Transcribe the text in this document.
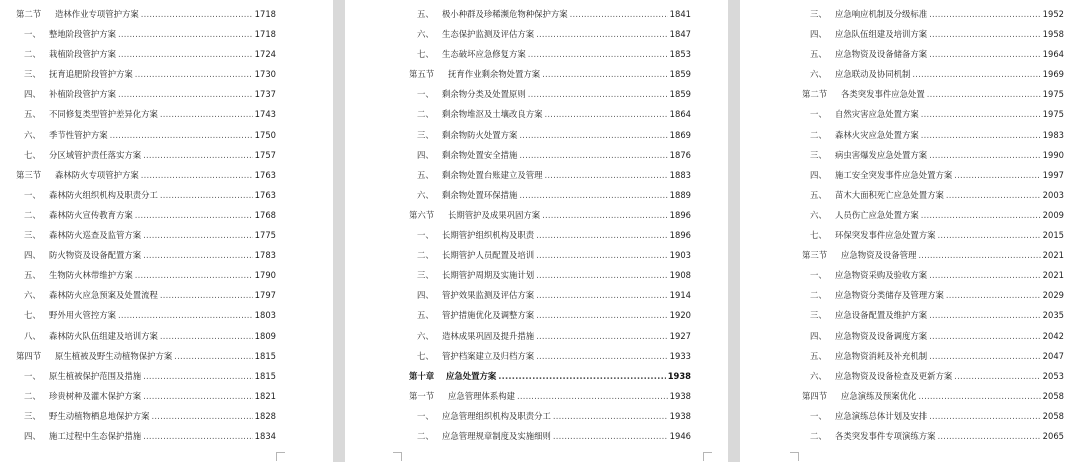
第二节	造林作业专项管护方案 .....	1718
一、 整地阶段管护方案 .....	1718
二、 栽植阶段管护方案 .....	1724
三、 抚育追肥阶段管护方案 .....	1730
四、 补植阶段管护方案 .....	1737
五、 不同修复类型管护差异化方案 .....	1743
六、 季节性管护方案 .....	1750
七、 分区域管护责任落实方案 .....	1757
第三节	森林防火专项管护方案 .....	1763
一、 森林防火组织机构及职责分工 .....	1763
二、 森林防火宣传教育方案 .....	1768
三、 森林防火巡查及监管方案 .....	1775
四、 防火物资及设备配置方案 .....	1783
五、 生物防火林带维护方案 .....	1790
六、 森林防火应急预案及处置流程 .....	1797
七、 野外用火管控方案 .....	1803
八、 森林防火队伍组建及培训方案 .....	1809
第四节	原生植被及野生动植物保护方案 .....	1815
一、 原生植被保护范围及措施 .....	1815
二、 珍贵树种及灌木保护方案 .....	1821
三、 野生动植物栖息地保护方案 .....	1828
四、 施工过程中生态保护措施 .....	1834
五、 极小种群及珍稀濒危物种保护方案 .....	1841
六、 生态保护监测及评估方案 .....	1847
七、 生态破坏应急修复方案 .....	1853
第五节	抚育作业剩余物处置方案 .....	1859
一、 剩余物分类及处置原则 .....	1859
二、 剩余物堆沤及土壤改良方案 .....	1864
三、 剩余物防火处置方案 .....	1869
四、 剩余物处置安全措施 .....	1876
五、 剩余物处置台账建立及管理 .....	1883
六、 剩余物处置环保措施 .....	1889
第六节	长期管护及成果巩固方案 .....	1896
一、 长期管护组织机构及职责 .....	1896
二、 长期管护人员配置及培训 .....	1903
三、 长期管护周期及实施计划 .....	1908
四、 管护效果监测及评估方案 .....	1914
五、 管护措施优化及调整方案 .....	1920
六、 造林成果巩固及提升措施 .....	1927
七、 管护档案建立及归档方案 .....	1933
第十章	应急处置方案 .....	1938
第一节	应急管理体系构建 .....	1938
一、 应急管理组织机构及职责分工 .....	1938
二、 应急管理规章制度及实施细则 .....	1946
三、 应急响应机制及分级标准 .....	1952
四、 应急队伍组建及培训方案 .....	1958
五、 应急物资及设备储备方案 .....	1964
六、 应急联动及协同机制 .....	1969
第二节	各类突发事件应急处置 .....	1975
一、 自然灾害应急处置方案 .....	1975
二、 森林火灾应急处置方案 .....	1983
三、 病虫害爆发应急处置方案 .....	1990
四、 施工安全突发事件应急处置方案 .....	1997
五、 苗木大面积死亡应急处置方案 .....	2003
六、 人员伤亡应急处置方案 .....	2009
七、 环保突发事件应急处置方案 .....	2015
第三节	应急物资及设备管理 .....	2021
一、 应急物资采购及验收方案 .....	2021
二、 应急物资分类储存及管理方案 .....	2029
三、 应急设备配置及维护方案 .....	2035
四、 应急物资及设备调度方案 .....	2042
五、 应急物资消耗及补充机制 .....	2047
六、 应急物资及设备检查及更新方案 .....	2053
第四节	应急演练及预案优化 .....	2058
一、 应急演练总体计划及安排 .....	2058
二、 各类突发事件专项演练方案 .....	2065
